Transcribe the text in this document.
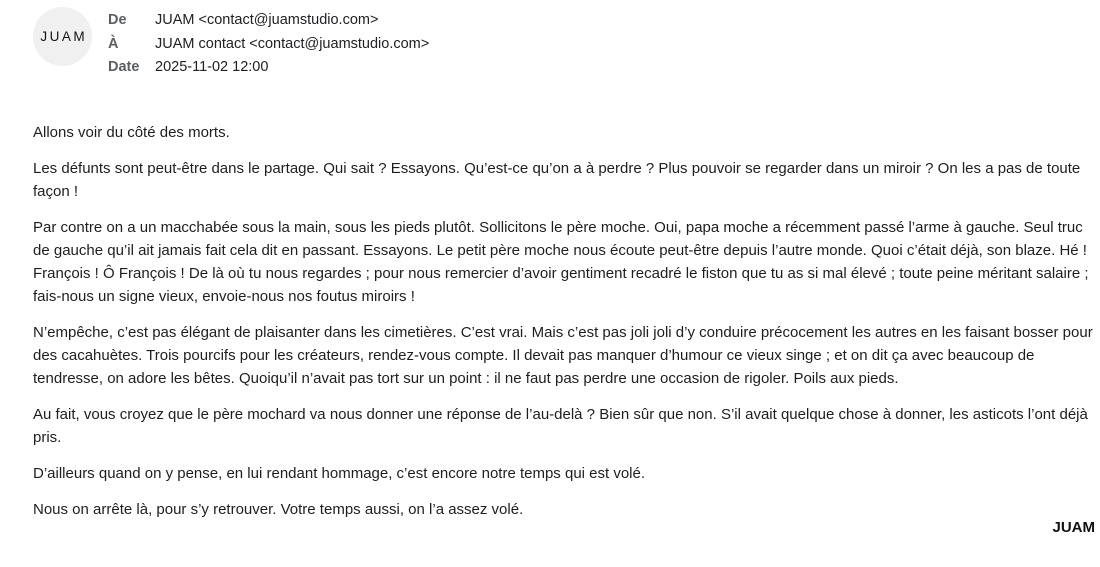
JUAM
De	JUAM <contact@juamstudio.com>
À	JUAM contact <contact@juamstudio.com>
Date	2025-11-02 12:00

Allons voir du côté des morts.

Les défunts sont peut-être dans le partage. Qui sait ? Essayons. Qu’est-ce qu’on a à perdre ? Plus pouvoir se regarder dans un miroir ? On les a pas de toute façon !

Par contre on a un macchabée sous la main, sous les pieds plutôt. Sollicitons le père moche. Oui, papa moche a récemment passé l’arme à gauche. Seul truc de gauche qu’il ait jamais fait cela dit en passant. Essayons. Le petit père moche nous écoute peut-être depuis l’autre monde. Quoi c’était déjà, son blaze. Hé ! François ! Ô François ! De là où tu nous regardes ; pour nous remercier d’avoir gentiment recadré le fiston que tu as si mal élevé ; toute peine méritant salaire ; fais-nous un signe vieux, envoie-nous nos foutus miroirs !

N’empêche, c’est pas élégant de plaisanter dans les cimetières. C’est vrai. Mais c’est pas joli joli d’y conduire précocement les autres en les faisant bosser pour des cacahuètes. Trois pourcifs pour les créateurs, rendez-vous compte. Il devait pas manquer d’humour ce vieux singe ; et on dit ça avec beaucoup de tendresse, on adore les bêtes. Quoiqu’il n’avait pas tort sur un point : il ne faut pas perdre une occasion de rigoler. Poils aux pieds.

Au fait, vous croyez que le père mochard va nous donner une réponse de l’au-delà ? Bien sûr que non. S’il avait quelque chose à donner, les asticots l’ont déjà pris.

D’ailleurs quand on y pense, en lui rendant hommage, c’est encore notre temps qui est volé.

Nous on arrête là, pour s’y retrouver. Votre temps aussi, on l’a assez volé.

JUAM
